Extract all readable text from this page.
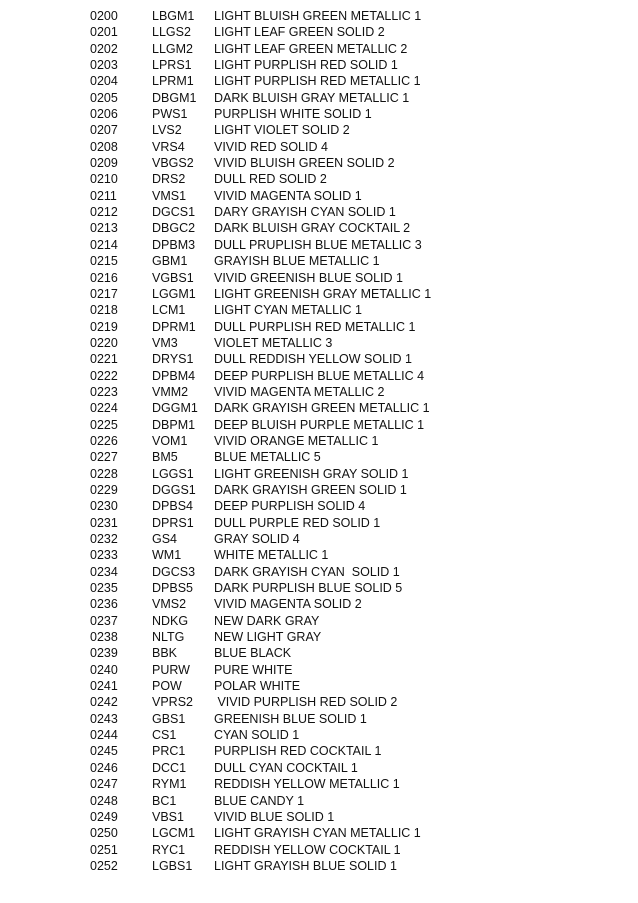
0200	LBGM1 LIGHT BLUISH GREEN METALLIC 1
0201	LLGS2 LIGHT LEAF GREEN SOLID 2
0202	LLGM2 LIGHT LEAF GREEN METALLIC 2
0203	LPRS1 LIGHT PURPLISH RED SOLID 1
0204	LPRM1 LIGHT PURPLISH RED METALLIC 1
0205	DBGM1 DARK BLUISH GRAY METALLIC 1
0206	PWS1 PURPLISH WHITE SOLID 1
0207	LVS2	LIGHT VIOLET SOLID 2
0208	VRS4 VIVID RED SOLID 4
0209	VBGS2 VIVID BLUISH GREEN SOLID 2
0210	DRS2 DULL RED SOLID 2
0211	VMS1 VIVID MAGENTA SOLID 1
0212	DGCS1 DARY GRAYISH CYAN SOLID 1
0213	DBGC2 DARK BLUISH GRAY COCKTAIL 2
0214	DPBM3 DULL PRUPLISH BLUE METALLIC 3
0215	GBM1 GRAYISH BLUE METALLIC 1
0216	VGBS1 VIVID GREENISH BLUE SOLID 1
0217	LGGM1 LIGHT GREENISH GRAY METALLIC 1
0218	LCM1 LIGHT CYAN METALLIC 1
0219	DPRM1 DULL PURPLISH RED METALLIC 1
0220	VM3	VIOLET METALLIC 3
0221	DRYS1 DULL REDDISH YELLOW SOLID 1
0222	DPBM4 DEEP PURPLISH BLUE METALLIC 4
0223	VMM2 VIVID MAGENTA METALLIC 2
0224	DGGM1 DARK GRAYISH GREEN METALLIC 1
0225	DBPM1 DEEP BLUISH PURPLE METALLIC 1
0226	VOM1 VIVID ORANGE METALLIC 1
0227	BM5	BLUE METALLIC 5
0228	LGGS1 LIGHT GREENISH GRAY SOLID 1
0229	DGGS1 DARK GRAYISH GREEN SOLID 1
0230	DPBS4 DEEP PURPLISH SOLID 4
0231	DPRS1 DULL PURPLE RED SOLID 1
0232	GS4	GRAY SOLID 4
0233	WM1	WHITE METALLIC 1
0234	DGCS3 DARK GRAYISH CYAN  SOLID 1
0235	DPBS5 DARK PURPLISH BLUE SOLID 5
0236	VMS2 VIVID MAGENTA SOLID 2
0237	NDKG NEW DARK GRAY
0238	NLTG NEW LIGHT GRAY
0239	BBK	BLUE BLACK
0240	PURW PURE WHITE
0241	POW	POLAR WHITE
0242	VPRS2 VIVID PURPLISH RED SOLID 2
0243	GBS1 GREENISH BLUE SOLID 1
0244	CS1	CYAN SOLID 1
0245	PRC1 PURPLISH RED COCKTAIL 1
0246	DCC1 DULL CYAN COCKTAIL 1
0247	RYM1 REDDISH YELLOW METALLIC 1
0248	BC1	BLUE CANDY 1
0249	VBS1 VIVID BLUE SOLID 1
0250	LGCM1 LIGHT GRAYISH CYAN METALLIC 1
0251	RYC1 REDDISH YELLOW COCKTAIL 1
0252	LGBS1 LIGHT GRAYISH BLUE SOLID 1
